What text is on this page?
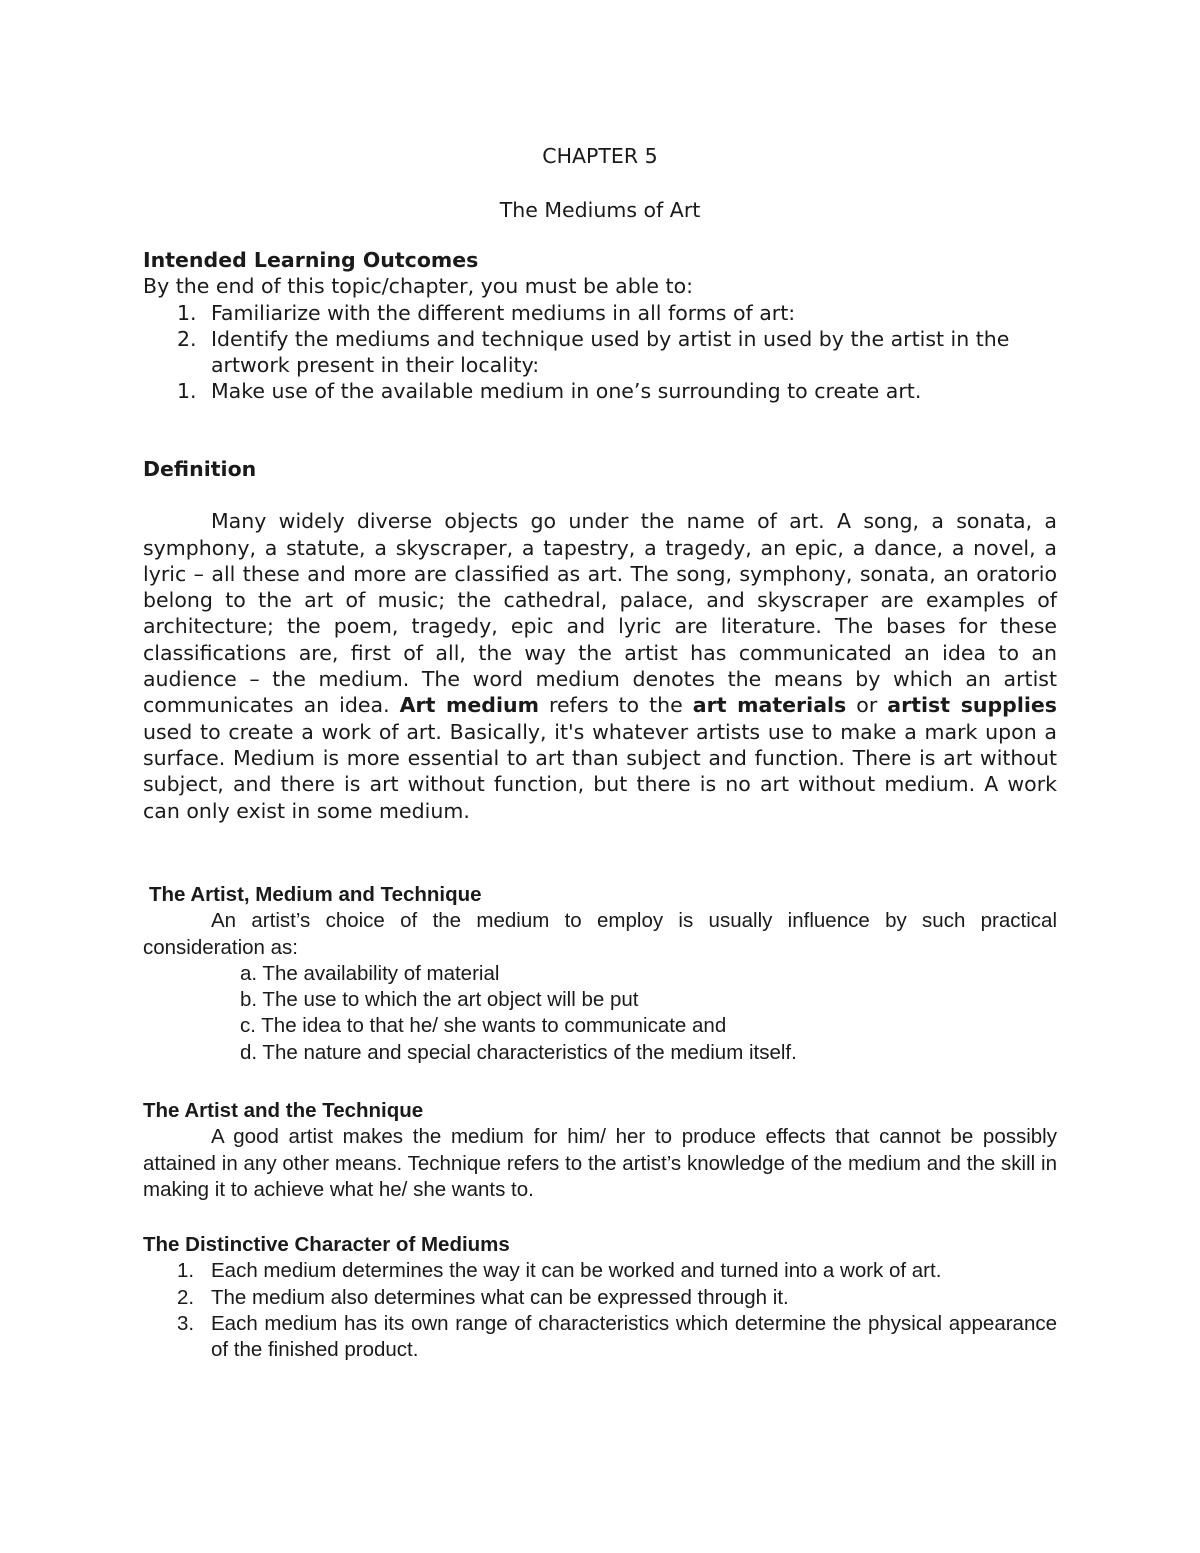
CHAPTER 5
The Mediums of Art
Intended Learning Outcomes
By the end of this topic/chapter, you must be able to:
1. Familiarize with the different mediums in all forms of art:
2. Identify the mediums and technique used by artist in used by the artist in the artwork present in their locality:
1. Make use of the available medium in one’s surrounding to create art.
Definition
Many widely diverse objects go under the name of art. A song, a sonata, a symphony, a statute, a skyscraper, a tapestry, a tragedy, an epic, a dance, a novel, a lyric – all these and more are classified as art. The song, symphony, sonata, an oratorio belong to the art of music; the cathedral, palace, and skyscraper are examples of architecture; the poem, tragedy, epic and lyric are literature. The bases for these classifications are, first of all, the way the artist has communicated an idea to an audience – the medium. The word medium denotes the means by which an artist communicates an idea. Art medium refers to the art materials or artist supplies used to create a work of art. Basically, it's whatever artists use to make a mark upon a surface. Medium is more essential to art than subject and function. There is art without subject, and there is art without function, but there is no art without medium. A work can only exist in some medium.
The Artist, Medium and Technique
An artist’s choice of the medium to employ is usually influence by such practical consideration as:
a. The availability of material
b. The use to which the art object will be put
c. The idea to that he/ she wants to communicate and
d. The nature and special characteristics of the medium itself.
The Artist and the Technique
A good artist makes the medium for him/ her to produce effects that cannot be possibly attained in any other means. Technique refers to the artist’s knowledge of the medium and the skill in making it to achieve what he/ she wants to.
The Distinctive Character of Mediums
1. Each medium determines the way it can be worked and turned into a work of art.
2. The medium also determines what can be expressed through it.
3. Each medium has its own range of characteristics which determine the physical appearance of the finished product.
